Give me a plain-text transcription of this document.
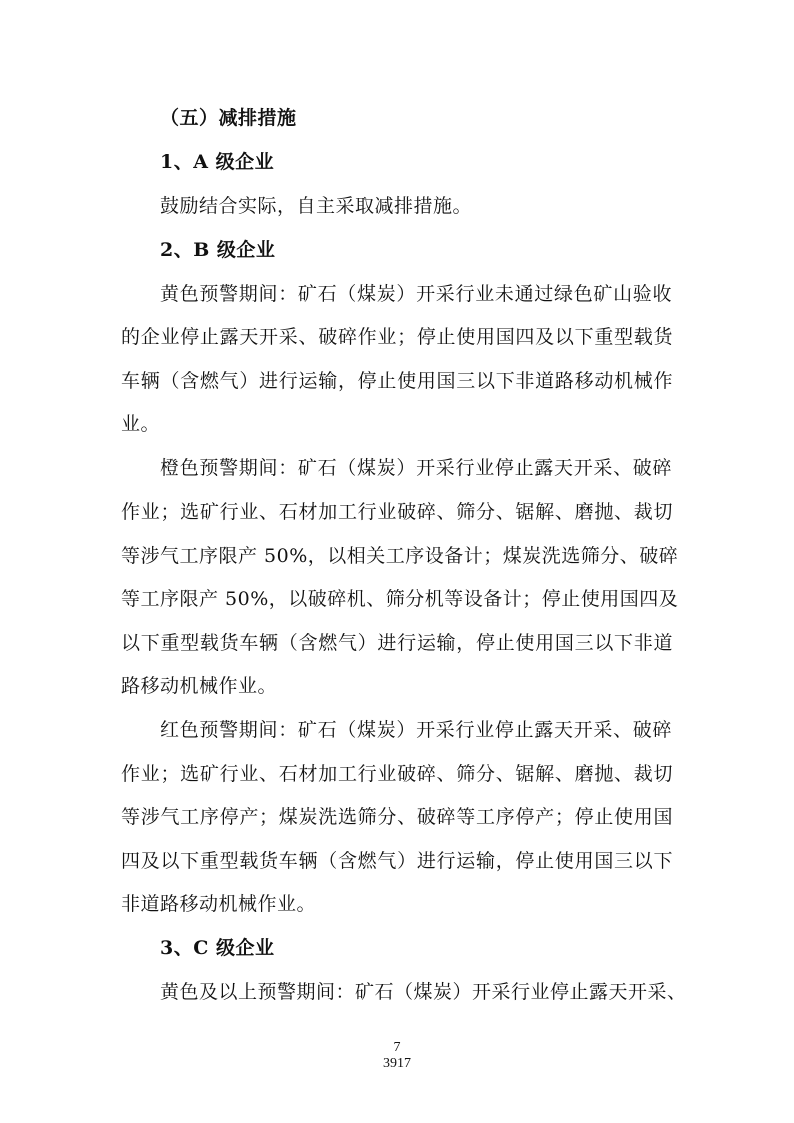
（五）减排措施

1、A 级企业

鼓励结合实际，自主采取减排措施。

2、B 级企业

黄色预警期间：矿石（煤炭）开采行业未通过绿色矿山验收

的企业停止露天开采、破碎作业；停止使用国四及以下重型载货

车辆（含燃气）进行运输，停止使用国三以下非道路移动机械作

业。

橙色预警期间：矿石（煤炭）开采行业停止露天开采、破碎

作业；选矿行业、石材加工行业破碎、筛分、锯解、磨抛、裁切

等涉气工序限产 50%，以相关工序设备计；煤炭洗选筛分、破碎

等工序限产 50%，以破碎机、筛分机等设备计；停止使用国四及

以下重型载货车辆（含燃气）进行运输，停止使用国三以下非道

路移动机械作业。

红色预警期间：矿石（煤炭）开采行业停止露天开采、破碎

作业；选矿行业、石材加工行业破碎、筛分、锯解、磨抛、裁切

等涉气工序停产；煤炭洗选筛分、破碎等工序停产；停止使用国

四及以下重型载货车辆（含燃气）进行运输，停止使用国三以下

非道路移动机械作业。

3、C 级企业

黄色及以上预警期间：矿石（煤炭）开采行业停止露天开采、

7
3917
